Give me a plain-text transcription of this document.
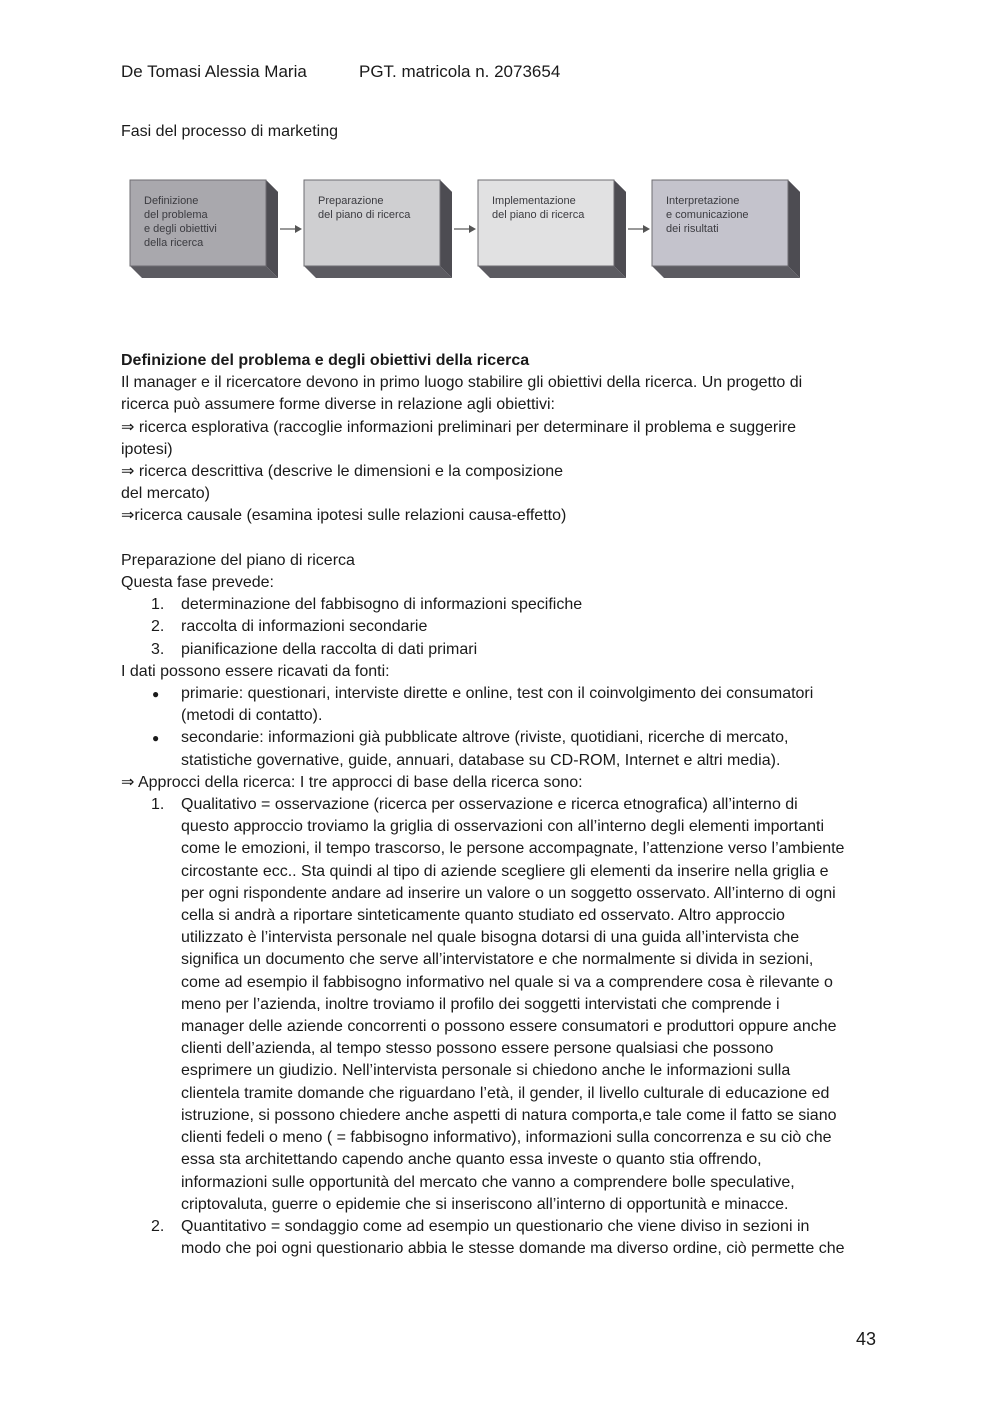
De Tomasi Alessia Maria	PGT. matricola n. 2073654
Fasi del processo di marketing
Definizione
del problema
e degli obiettivi
della ricerca
Preparazione
del piano di ricerca
Implementazione
del piano di ricerca
Interpretazione
e comunicazione
dei risultati

Definizione del problema e degli obiettivi della ricerca

Il manager e il ricercatore devono in primo luogo stabilire gli obiettivi della ricerca. Un progetto di

ricerca può assumere forme diverse in relazione agli obiettivi:

⇒ ricerca esplorativa (raccoglie informazioni preliminari per determinare il problema e suggerire

ipotesi)

⇒ ricerca descrittiva (descrive le dimensioni e la composizione

del mercato)

⇒ricerca causale (esamina ipotesi sulle relazioni causa-effetto)

Preparazione del piano di ricerca

Questa fase prevede:

1.	determinazione del fabbisogno di informazioni specifiche
2.	raccolta di informazioni secondarie
3.	pianificazione della raccolta di dati primari

I dati possono essere ricavati da fonti:

●	primarie: questionari, interviste dirette e online, test con il coinvolgimento dei consumatori
(metodi di contatto).
●	secondarie: informazioni già pubblicate altrove (riviste, quotidiani, ricerche di mercato,
statistiche governative, guide, annuari, database su CD-ROM, Internet e altri media).

⇒ Approcci della ricerca: I tre approcci di base della ricerca sono:

1.	Qualitativo = osservazione (ricerca per osservazione e ricerca etnografica) all’interno di
questo approccio troviamo la griglia di osservazioni con all’interno degli elementi importanti
come le emozioni, il tempo trascorso, le persone accompagnate, l’attenzione verso l’ambiente
circostante ecc.. Sta quindi al tipo di aziende scegliere gli elementi da inserire nella griglia e
per ogni rispondente andare ad inserire un valore o un soggetto osservato. All’interno di ogni
cella si andrà a riportare sinteticamente quanto studiato ed osservato. Altro approccio
utilizzato è l’intervista personale nel quale bisogna dotarsi di una guida all’intervista che
significa un documento che serve all’intervistatore e che normalmente si divida in sezioni,
come ad esempio il fabbisogno informativo nel quale si va a comprendere cosa è rilevante o
meno per l’azienda, inoltre troviamo il profilo dei soggetti intervistati che comprende i
manager delle aziende concorrenti o possono essere consumatori e produttori oppure anche
clienti dell’azienda, al tempo stesso possono essere persone qualsiasi che possono
esprimere un giudizio. Nell’intervista personale si chiedono anche le informazioni sulla
clientela tramite domande che riguardano l’età, il gender, il livello culturale di educazione ed
istruzione, si possono chiedere anche aspetti di natura comporta,e tale come il fatto se siano
clienti fedeli o meno ( = fabbisogno informativo), informazioni sulla concorrenza e su ciò che
essa sta architettando capendo anche quanto essa investe o quanto stia offrendo,
informazioni sulle opportunità del mercato che vanno a comprendere bolle speculative,
criptovaluta, guerre o epidemie che si inseriscono all’interno di opportunità e minacce.
2.	Quantitativo = sondaggio come ad esempio un questionario che viene diviso in sezioni in
modo che poi ogni questionario abbia le stesse domande ma diverso ordine, ciò permette che
43
